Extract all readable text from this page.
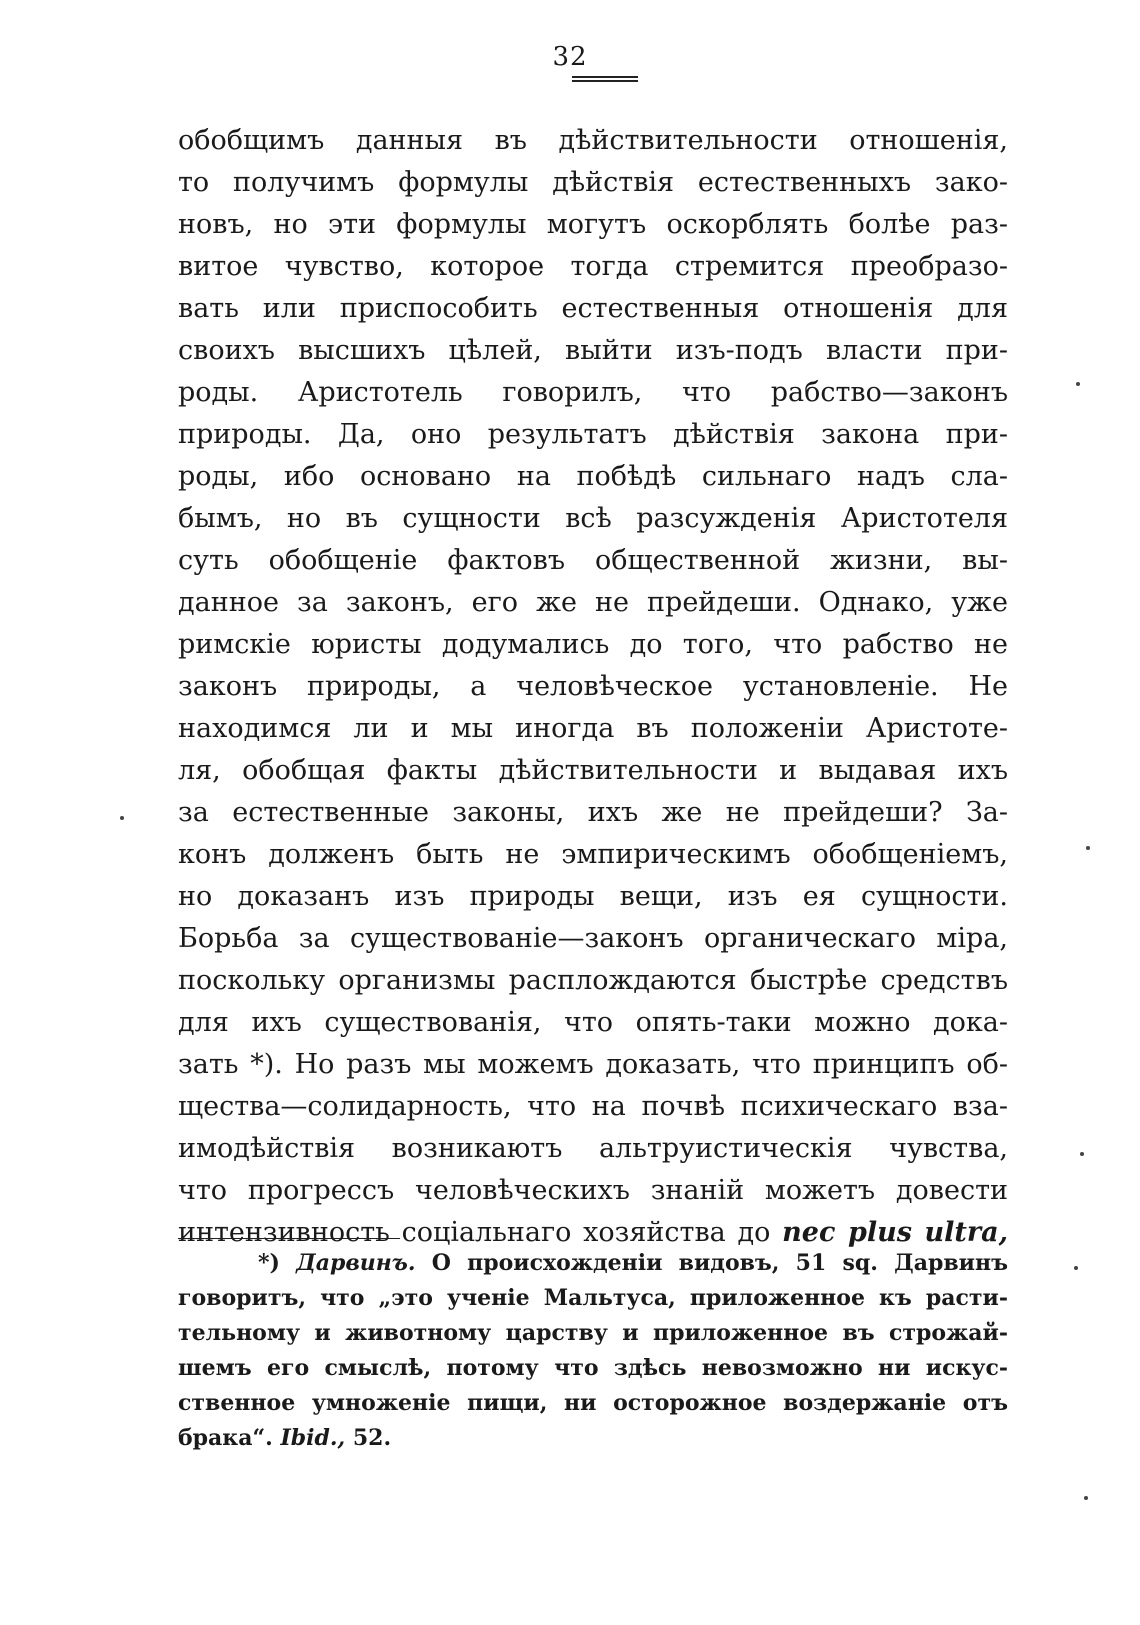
32
обобщимъ данныя въ дѣйствительности отношенія,
то получимъ формулы дѣйствія естественныхъ зако-
новъ, но эти формулы могутъ оскорблять болѣе раз-
витое чувство, которое тогда стремится преобразо-
вать или приспособить естественныя отношенія для
своихъ высшихъ цѣлей, выйти изъ-подъ власти при-
роды. Аристотель говорилъ, что рабство—законъ
природы. Да, оно результатъ дѣйствія закона при-
роды, ибо основано на побѣдѣ сильнаго надъ сла-
бымъ, но въ сущности всѣ разсужденія Аристотеля
суть обобщеніе фактовъ общественной жизни, вы-
данное за законъ, его же не прейдеши. Однако, уже
римскіе юристы додумались до того, что рабство не
законъ природы, а человѣческое установленіе. Не
находимся ли и мы иногда въ положеніи Аристоте-
ля, обобщая факты дѣйствительности и выдавая ихъ
за естественные законы, ихъ же не прейдеши? За-
конъ долженъ быть не эмпирическимъ обобщеніемъ,
но доказанъ изъ природы вещи, изъ ея сущности.
Борьба за существованіе—законъ органическаго міра,
поскольку организмы расплождаются быстрѣе средствъ
для ихъ существованія, что опять-таки можно дока-
зать *). Но разъ мы можемъ доказать, что принципъ об-
щества—солидарность, что на почвѣ психическаго вза-
имодѣйствія возникаютъ альтруистическія чувства,
что прогрессъ человѣческихъ знаній можетъ довести
интензивность соціальнаго хозяйства до nec plus ultra,
*) Дарвинъ. О происхожденіи видовъ, 51 sq. Дарвинъ
говоритъ, что „это ученіе Мальтуса, приложенное къ расти-
тельному и животному царству и приложенное въ строжай-
шемъ его смыслѣ, потому что здѣсь невозможно ни искус-
ственное умноженіе пищи, ни осторожное воздержаніе отъ
брака“. Ibid., 52.
